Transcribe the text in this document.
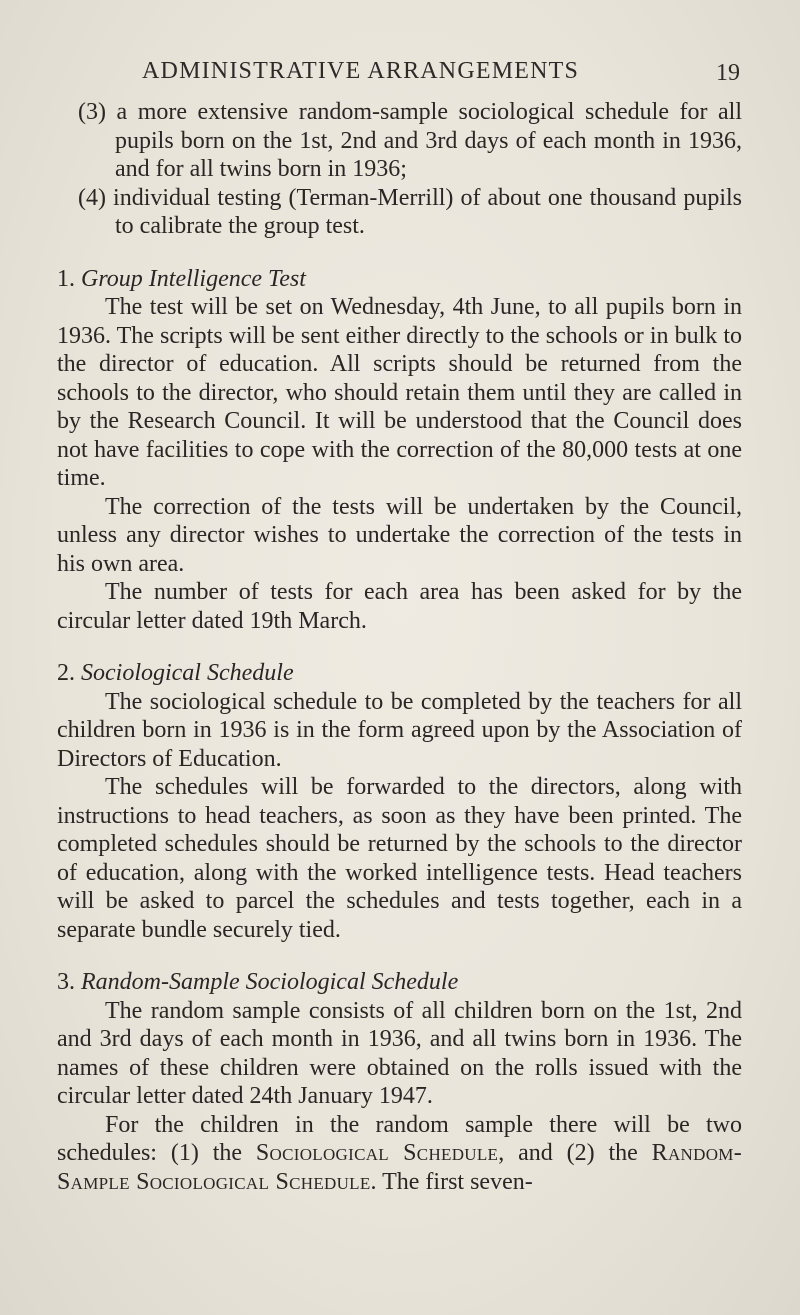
ADMINISTRATIVE ARRANGEMENTS	19

(3) a more extensive random-sample sociological schedule for all pupils born on the 1st, 2nd and 3rd days of each month in 1936, and for all twins born in 1936;

(4) individual testing (Terman-Merrill) of about one thousand pupils to calibrate the group test.

1. Group Intelligence Test

The test will be set on Wednesday, 4th June, to all pupils born in 1936. The scripts will be sent either directly to the schools or in bulk to the director of education. All scripts should be returned from the schools to the director, who should retain them until they are called in by the Research Council. It will be understood that the Council does not have facilities to cope with the correction of the 80,000 tests at one time.

The correction of the tests will be undertaken by the Council, unless any director wishes to undertake the correction of the tests in his own area.

The number of tests for each area has been asked for by the circular letter dated 19th March.

2. Sociological Schedule

The sociological schedule to be completed by the teachers for all children born in 1936 is in the form agreed upon by the Association of Directors of Education.

The schedules will be forwarded to the directors, along with instructions to head teachers, as soon as they have been printed. The completed schedules should be returned by the schools to the director of education, along with the worked intelligence tests. Head teachers will be asked to parcel the schedules and tests together, each in a separate bundle securely tied.

3. Random-Sample Sociological Schedule

The random sample consists of all children born on the 1st, 2nd and 3rd days of each month in 1936, and all twins born in 1936. The names of these children were obtained on the rolls issued with the circular letter dated 24th January 1947.

For the children in the random sample there will be two schedules: (1) the Sociological Schedule, and (2) the Random-Sample Sociological Schedule. The first seven-
